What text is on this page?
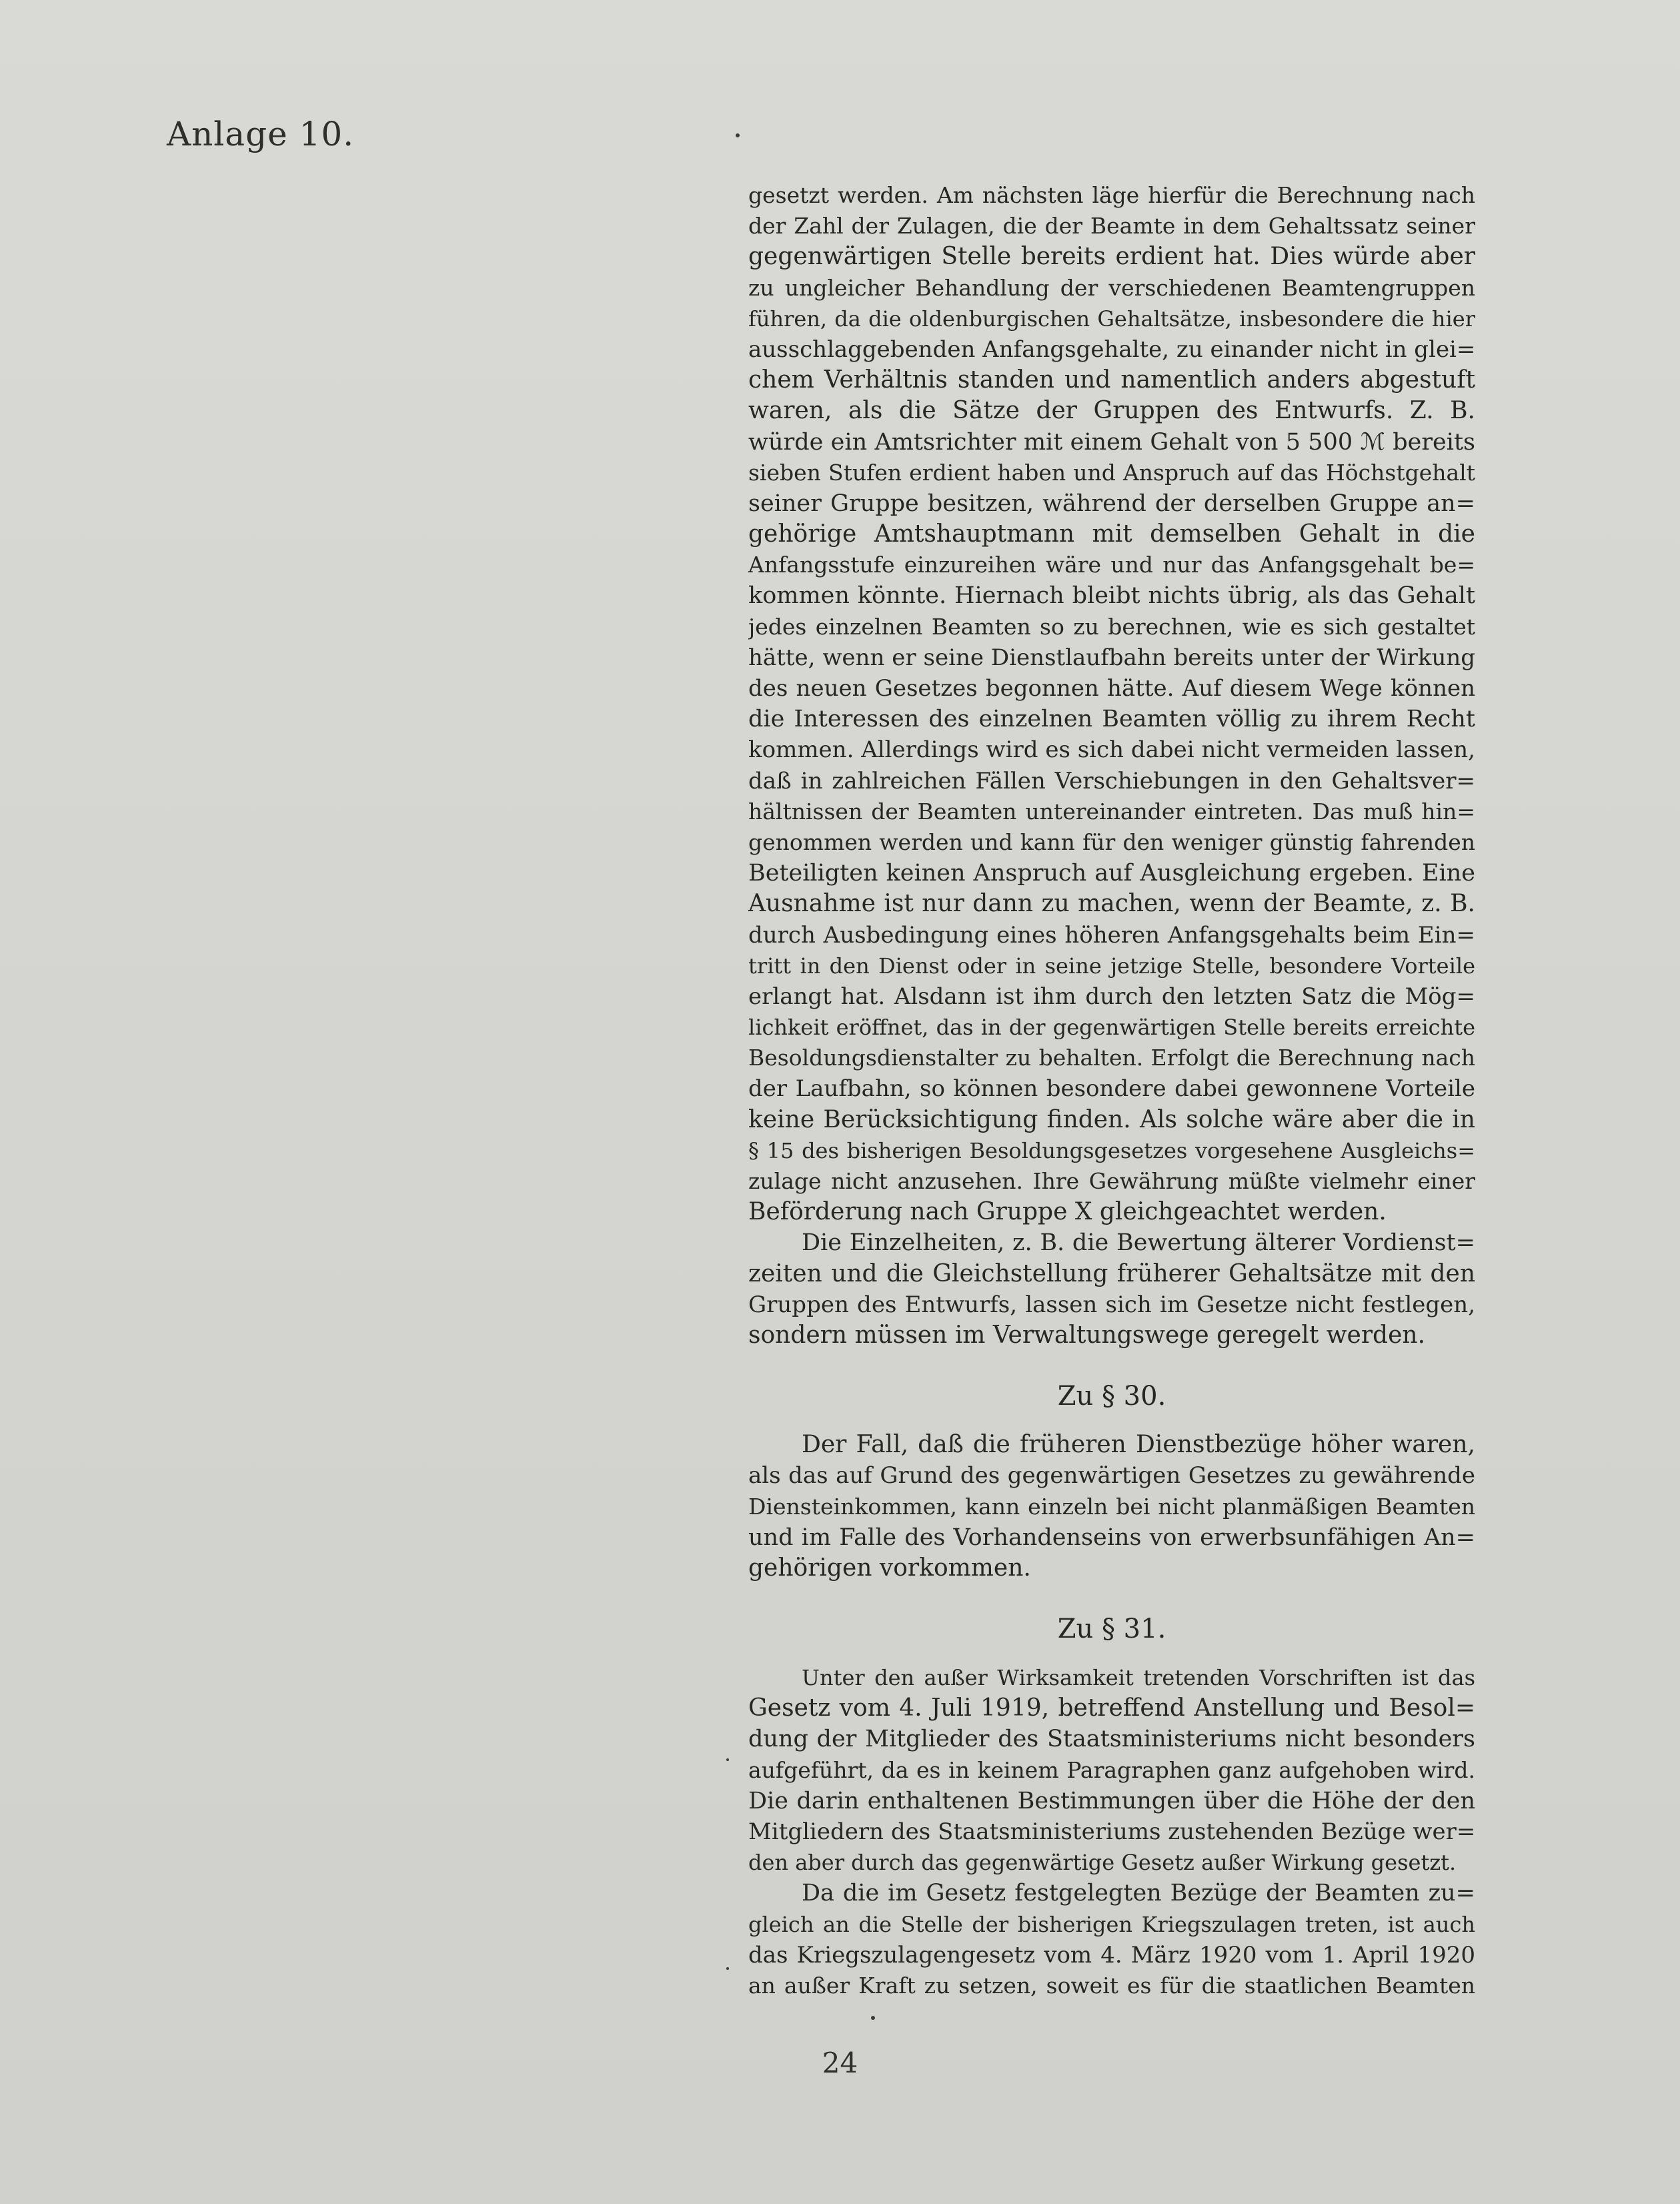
Anlage 10.
gesetzt werden. Am nächsten läge hierfür die Berechnung nach
der Zahl der Zulagen, die der Beamte in dem Gehaltssatz seiner
gegenwärtigen Stelle bereits erdient hat. Dies würde aber
zu ungleicher Behandlung der verschiedenen Beamtengruppen
führen, da die oldenburgischen Gehaltsätze, insbesondere die hier
ausschlaggebenden Anfangsgehalte, zu einander nicht in glei=
chem Verhältnis standen und namentlich anders abgestuft
waren, als die Sätze der Gruppen des Entwurfs. Z. B.
würde ein Amtsrichter mit einem Gehalt von 5 500 ℳ bereits
sieben Stufen erdient haben und Anspruch auf das Höchstgehalt
seiner Gruppe besitzen, während der derselben Gruppe an=
gehörige Amtshauptmann mit demselben Gehalt in die
Anfangsstufe einzureihen wäre und nur das Anfangsgehalt be=
kommen könnte. Hiernach bleibt nichts übrig, als das Gehalt
jedes einzelnen Beamten so zu berechnen, wie es sich gestaltet
hätte, wenn er seine Dienstlaufbahn bereits unter der Wirkung
des neuen Gesetzes begonnen hätte. Auf diesem Wege können
die Interessen des einzelnen Beamten völlig zu ihrem Recht
kommen. Allerdings wird es sich dabei nicht vermeiden lassen,
daß in zahlreichen Fällen Verschiebungen in den Gehaltsver=
hältnissen der Beamten untereinander eintreten. Das muß hin=
genommen werden und kann für den weniger günstig fahrenden
Beteiligten keinen Anspruch auf Ausgleichung ergeben. Eine
Ausnahme ist nur dann zu machen, wenn der Beamte, z. B.
durch Ausbedingung eines höheren Anfangsgehalts beim Ein=
tritt in den Dienst oder in seine jetzige Stelle, besondere Vorteile
erlangt hat. Alsdann ist ihm durch den letzten Satz die Mög=
lichkeit eröffnet, das in der gegenwärtigen Stelle bereits erreichte
Besoldungsdienstalter zu behalten. Erfolgt die Berechnung nach
der Laufbahn, so können besondere dabei gewonnene Vorteile
keine Berücksichtigung finden. Als solche wäre aber die in
§ 15 des bisherigen Besoldungsgesetzes vorgesehene Ausgleichs=
zulage nicht anzusehen. Ihre Gewährung müßte vielmehr einer
Beförderung nach Gruppe X gleichgeachtet werden.
Die Einzelheiten, z. B. die Bewertung älterer Vordienst=
zeiten und die Gleichstellung früherer Gehaltsätze mit den
Gruppen des Entwurfs, lassen sich im Gesetze nicht festlegen,
sondern müssen im Verwaltungswege geregelt werden.
Zu § 30.
Der Fall, daß die früheren Dienstbezüge höher waren,
als das auf Grund des gegenwärtigen Gesetzes zu gewährende
Diensteinkommen, kann einzeln bei nicht planmäßigen Beamten
und im Falle des Vorhandenseins von erwerbsunfähigen An=
gehörigen vorkommen.
Zu § 31.
Unter den außer Wirksamkeit tretenden Vorschriften ist das
Gesetz vom 4. Juli 1919, betreffend Anstellung und Besol=
dung der Mitglieder des Staatsministeriums nicht besonders
aufgeführt, da es in keinem Paragraphen ganz aufgehoben wird.
Die darin enthaltenen Bestimmungen über die Höhe der den
Mitgliedern des Staatsministeriums zustehenden Bezüge wer=
den aber durch das gegenwärtige Gesetz außer Wirkung gesetzt.
Da die im Gesetz festgelegten Bezüge der Beamten zu=
gleich an die Stelle der bisherigen Kriegszulagen treten, ist auch
das Kriegszulagengesetz vom 4. März 1920 vom 1. April 1920
an außer Kraft zu setzen, soweit es für die staatlichen Beamten
24
